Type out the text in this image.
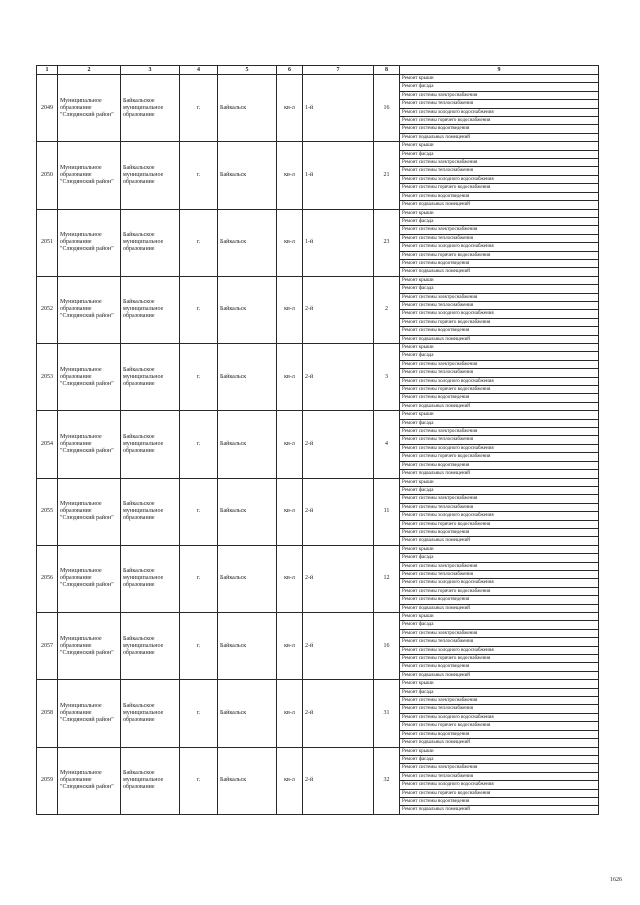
1	2	3	4	5	6	7	8	9
2049	Муниципальное образование "Слюдянский район"	Байкальское муниципальное образование	г.	Байкальск	кв-л	1-й	16	Ремонт крыши
								Ремонт фасада
								Ремонт системы электроснабжения
								Ремонт системы теплоснабжения
								Ремонт системы холодного водоснабжения
								Ремонт системы горячего водоснабжения
								Ремонт системы водоотведения
								Ремонт подвальных помещений
2050	Муниципальное образование "Слюдянский район"	Байкальское муниципальное образование	г.	Байкальск	кв-л	1-й	21	Ремонт крыши
								Ремонт фасада
								Ремонт системы электроснабжения
								Ремонт системы теплоснабжения
								Ремонт системы холодного водоснабжения
								Ремонт системы горячего водоснабжения
								Ремонт системы водоотведения
								Ремонт подвальных помещений
2051	Муниципальное образование "Слюдянский район"	Байкальское муниципальное образование	г.	Байкальск	кв-л	1-й	23	Ремонт крыши
								Ремонт фасада
								Ремонт системы электроснабжения
								Ремонт системы теплоснабжения
								Ремонт системы холодного водоснабжения
								Ремонт системы горячего водоснабжения
								Ремонт системы водоотведения
								Ремонт подвальных помещений
2052	Муниципальное образование "Слюдянский район"	Байкальское муниципальное образование	г.	Байкальск	кв-л	2-й	2	Ремонт крыши
								Ремонт фасада
								Ремонт системы электроснабжения
								Ремонт системы теплоснабжения
								Ремонт системы холодного водоснабжения
								Ремонт системы горячего водоснабжения
								Ремонт системы водоотведения
								Ремонт подвальных помещений
2053	Муниципальное образование "Слюдянский район"	Байкальское муниципальное образование	г.	Байкальск	кв-л	2-й	3	Ремонт крыши
								Ремонт фасада
								Ремонт системы электроснабжения
								Ремонт системы теплоснабжения
								Ремонт системы холодного водоснабжения
								Ремонт системы горячего водоснабжения
								Ремонт системы водоотведения
								Ремонт подвальных помещений
2054	Муниципальное образование "Слюдянский район"	Байкальское муниципальное образование	г.	Байкальск	кв-л	2-й	4	Ремонт крыши
								Ремонт фасада
								Ремонт системы электроснабжения
								Ремонт системы теплоснабжения
								Ремонт системы холодного водоснабжения
								Ремонт системы горячего водоснабжения
								Ремонт системы водоотведения
								Ремонт подвальных помещений
2055	Муниципальное образование "Слюдянский район"	Байкальское муниципальное образование	г.	Байкальск	кв-л	2-й	11	Ремонт крыши
								Ремонт фасада
								Ремонт системы электроснабжения
								Ремонт системы теплоснабжения
								Ремонт системы холодного водоснабжения
								Ремонт системы горячего водоснабжения
								Ремонт системы водоотведения
								Ремонт подвальных помещений
2056	Муниципальное образование "Слюдянский район"	Байкальское муниципальное образование	г.	Байкальск	кв-л	2-й	12	Ремонт крыши
								Ремонт фасада
								Ремонт системы электроснабжения
								Ремонт системы теплоснабжения
								Ремонт системы холодного водоснабжения
								Ремонт системы горячего водоснабжения
								Ремонт системы водоотведения
								Ремонт подвальных помещений
2057	Муниципальное образование "Слюдянский район"	Байкальское муниципальное образование	г.	Байкальск	кв-л	2-й	16	Ремонт крыши
								Ремонт фасада
								Ремонт системы электроснабжения
								Ремонт системы теплоснабжения
								Ремонт системы холодного водоснабжения
								Ремонт системы горячего водоснабжения
								Ремонт системы водоотведения
								Ремонт подвальных помещений
2058	Муниципальное образование "Слюдянский район"	Байкальское муниципальное образование	г.	Байкальск	кв-л	2-й	31	Ремонт крыши
								Ремонт фасада
								Ремонт системы электроснабжения
								Ремонт системы теплоснабжения
								Ремонт системы холодного водоснабжения
								Ремонт системы горячего водоснабжения
								Ремонт системы водоотведения
								Ремонт подвальных помещений
2059	Муниципальное образование "Слюдянский район"	Байкальское муниципальное образование	г.	Байкальск	кв-л	2-й	32	Ремонт крыши
								Ремонт фасада
								Ремонт системы электроснабжения
								Ремонт системы теплоснабжения
								Ремонт системы холодного водоснабжения
								Ремонт системы горячего водоснабжения
								Ремонт системы водоотведения
								Ремонт подвальных помещений
1626
